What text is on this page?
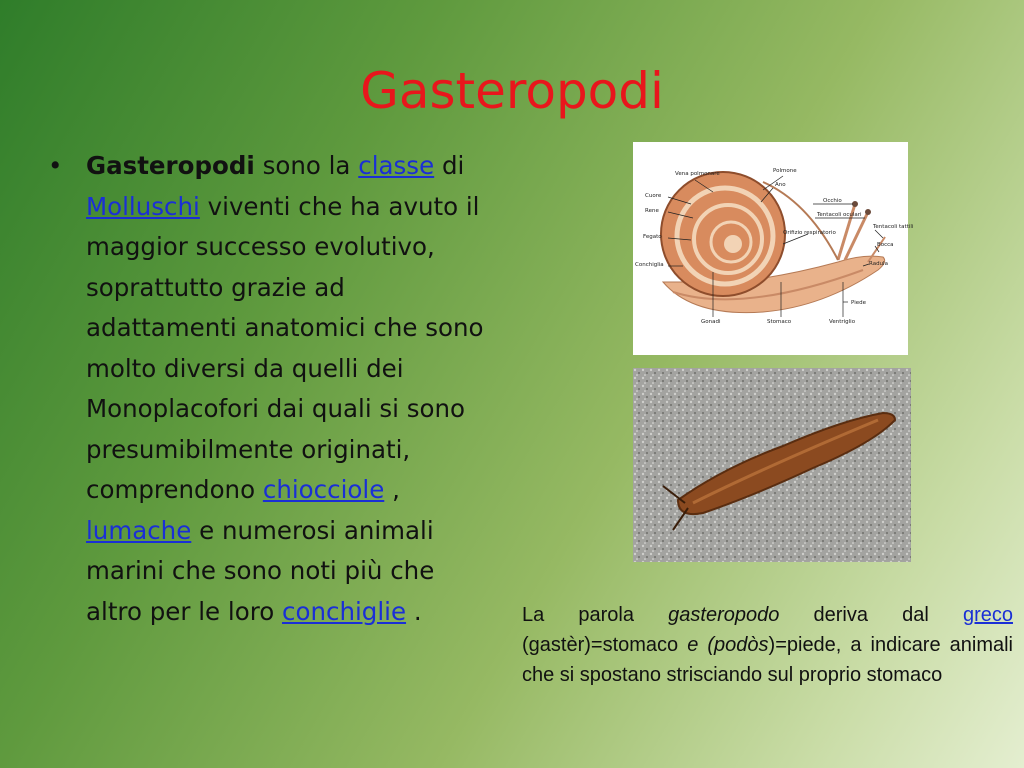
Gasteropodi
• Gasteropodi sono la classe di Molluschi viventi che ha avuto il maggior successo evolutivo, soprattutto grazie ad adattamenti anatomici che sono molto diversi da quelli dei Monoplacofori dai quali si sono presumibilmente originati, comprendono chiocciole , lumache e numerosi animali marini che sono noti più che altro per le loro conchiglie .
Vena polmonare	Polmone
Ano
Cuore
Rene
Fegato
Conchiglia
Occhio
Tentacoli oculari
Tentacoli tattili
Orifizio respiratorio
Bocca
Radula
Piede
Gonadi	Stomaco	Ventriglio
La parola gasteropodo deriva dal greco (gastèr)=stomaco e (podòs)=piede, a indicare animali che si spostano strisciando sul proprio stomaco
